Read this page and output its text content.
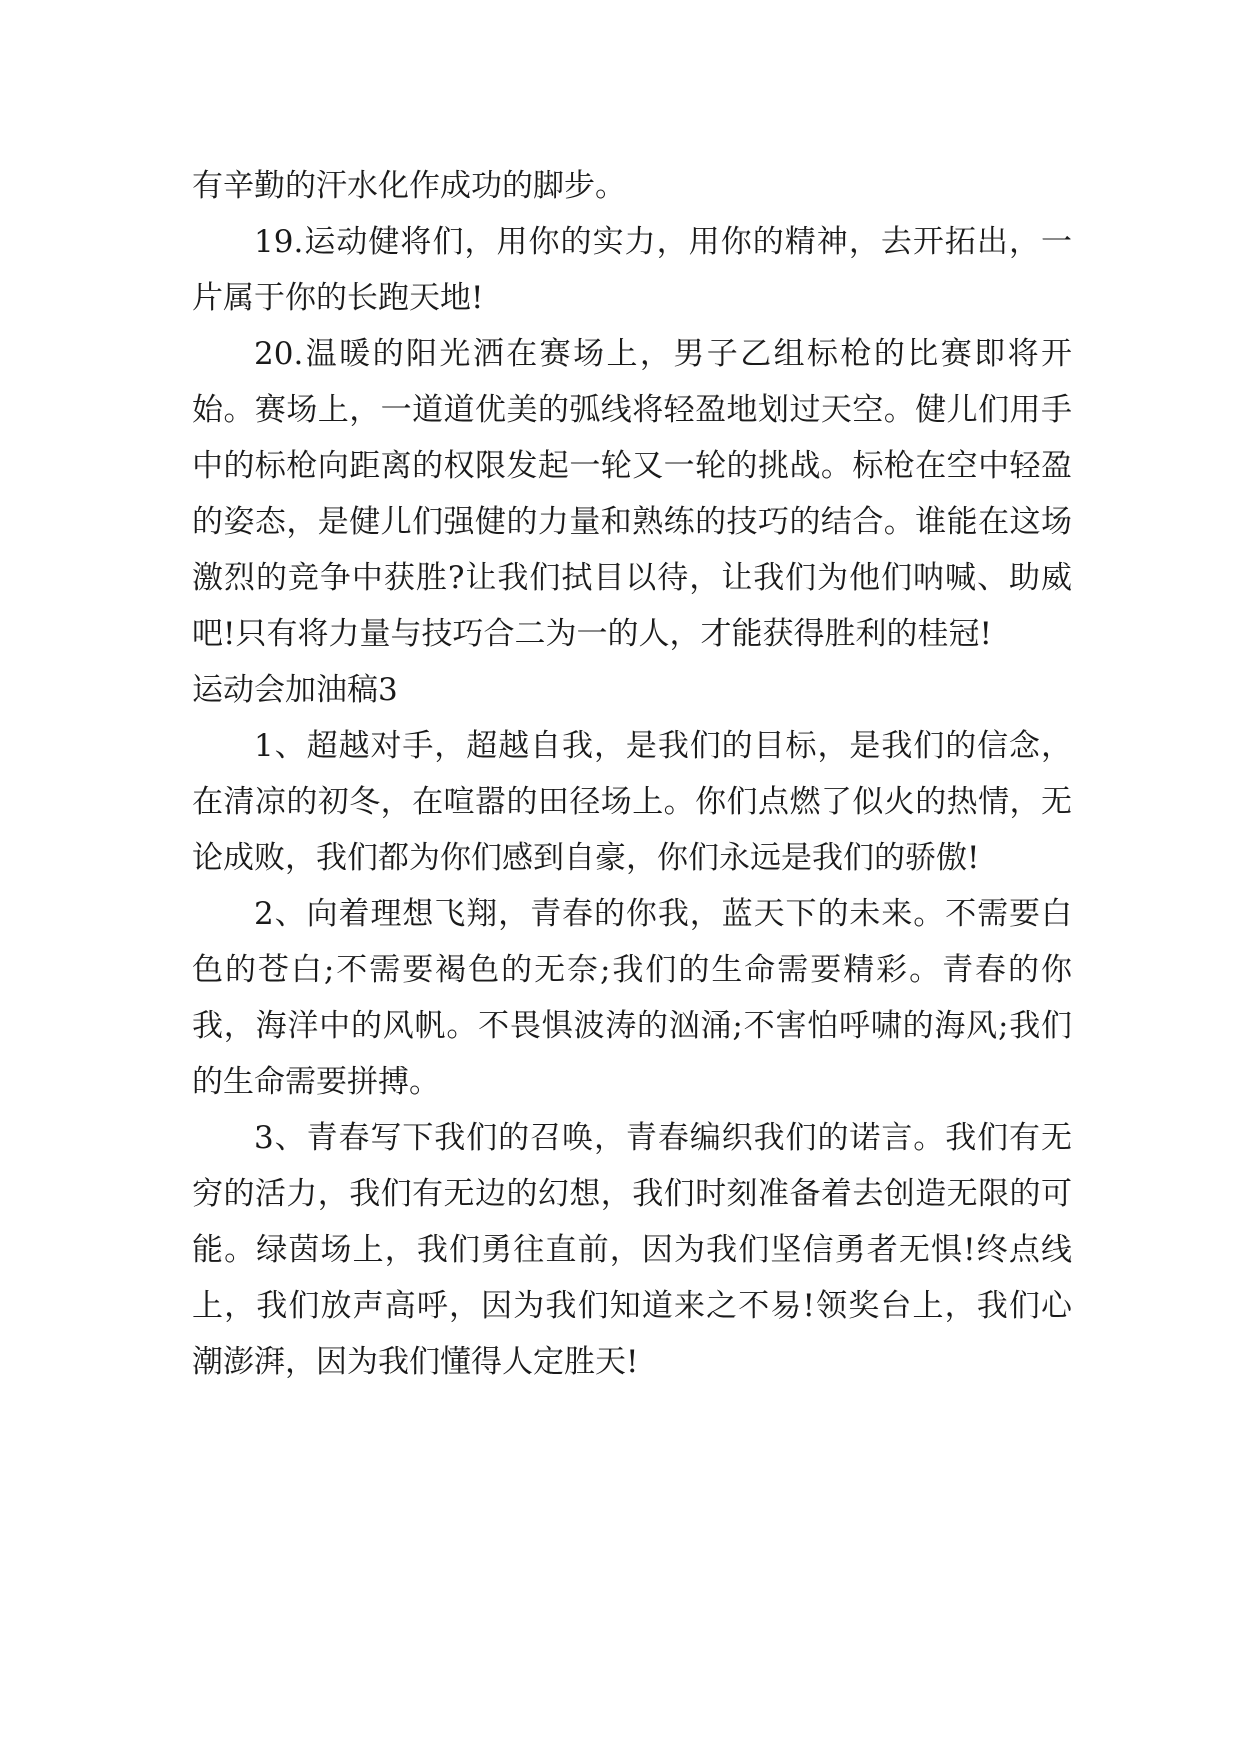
有辛勤的汗水化作成功的脚步。

19.运动健将们，用你的实力，用你的精神，去开拓出，一片属于你的长跑天地!

20.温暖的阳光洒在赛场上，男子乙组标枪的比赛即将开始。赛场上，一道道优美的弧线将轻盈地划过天空。健儿们用手中的标枪向距离的权限发起一轮又一轮的挑战。标枪在空中轻盈的姿态，是健儿们强健的力量和熟练的技巧的结合。谁能在这场激烈的竞争中获胜?让我们拭目以待，让我们为他们呐喊、助威吧!只有将力量与技巧合二为一的人，才能获得胜利的桂冠!

运动会加油稿3

1、超越对手，超越自我，是我们的目标，是我们的信念，在清凉的初冬，在喧嚣的田径场上。你们点燃了似火的热情，无论成败，我们都为你们感到自豪，你们永远是我们的骄傲!

2、向着理想飞翔，青春的你我，蓝天下的未来。不需要白色的苍白;不需要褐色的无奈;我们的生命需要精彩。青春的你我，海洋中的风帆。不畏惧波涛的汹涌;不害怕呼啸的海风;我们的生命需要拼搏。

3、青春写下我们的召唤，青春编织我们的诺言。我们有无穷的活力，我们有无边的幻想，我们时刻准备着去创造无限的可能。绿茵场上，我们勇往直前，因为我们坚信勇者无惧!终点线上，我们放声高呼，因为我们知道来之不易!领奖台上，我们心潮澎湃，因为我们懂得人定胜天!
